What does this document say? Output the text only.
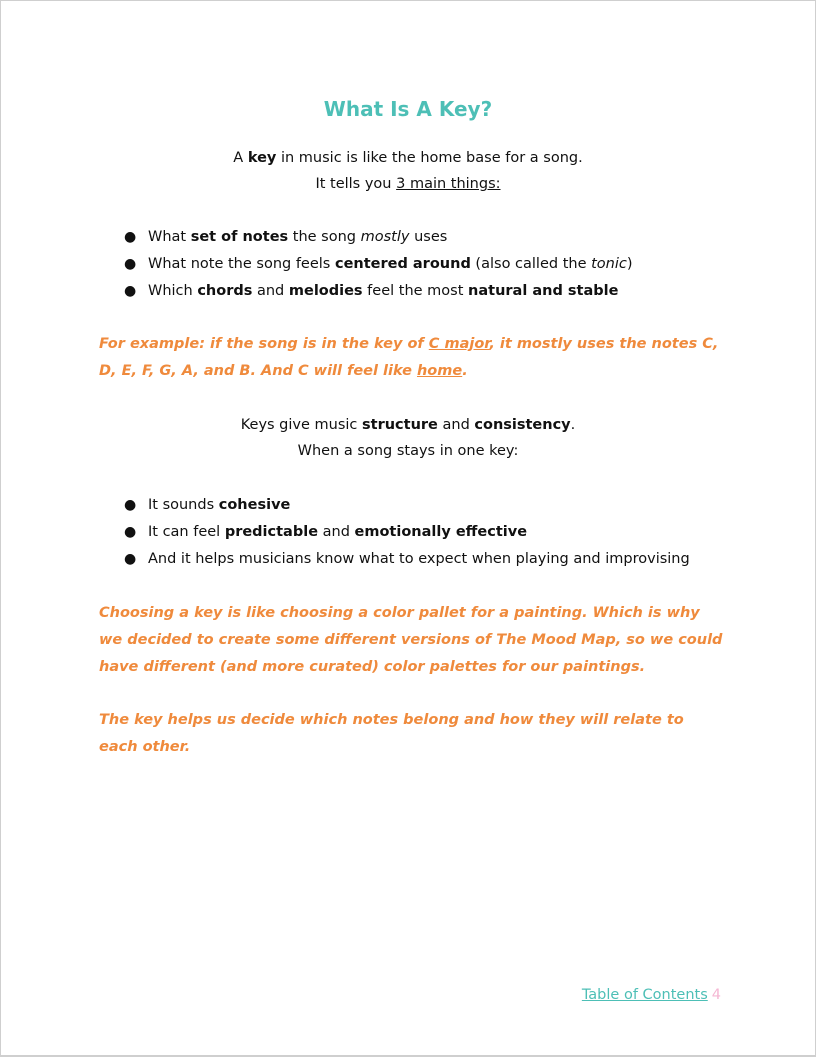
What Is A Key?

A key in music is like the home base for a song.

It tells you 3 main things:

● What set of notes the song mostly uses
● What note the song feels centered around (also called the tonic)
● Which chords and melodies feel the most natural and stable

For example: if the song is in the key of C major, it mostly uses the notes C, D, E, F, G, A, and B. And C will feel like home.

Keys give music structure and consistency.

When a song stays in one key:

● It sounds cohesive
● It can feel predictable and emotionally effective
● And it helps musicians know what to expect when playing and improvising

Choosing a key is like choosing a color pallet for a painting. Which is why we decided to create some different versions of The Mood Map, so we could have different (and more curated) color palettes for our paintings.

The key helps us decide which notes belong and how they will relate to each other.

Table of Contents 4
